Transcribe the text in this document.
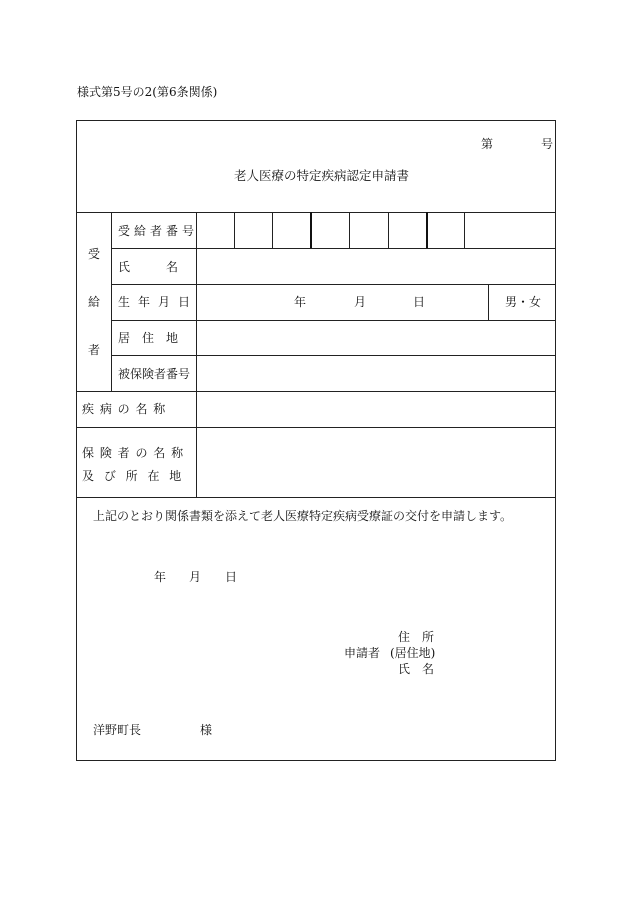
様式第5号の2(第6条関係)
第	号
老人医療の特定疾病認定申請書
受
給
者
受給者番号
氏　　　名
生年月日	年	月	日	男・女
居　住　地
被保険者番号
疾 病 の 名 称
保 険 者 の 名 称
及 び 所 在 地
上記のとおり関係書類を添えて老人医療特定疾病受療証の交付を申請します。
年 月 日
住　所
申請者 (居住地)
氏　名
洋野町長	様
